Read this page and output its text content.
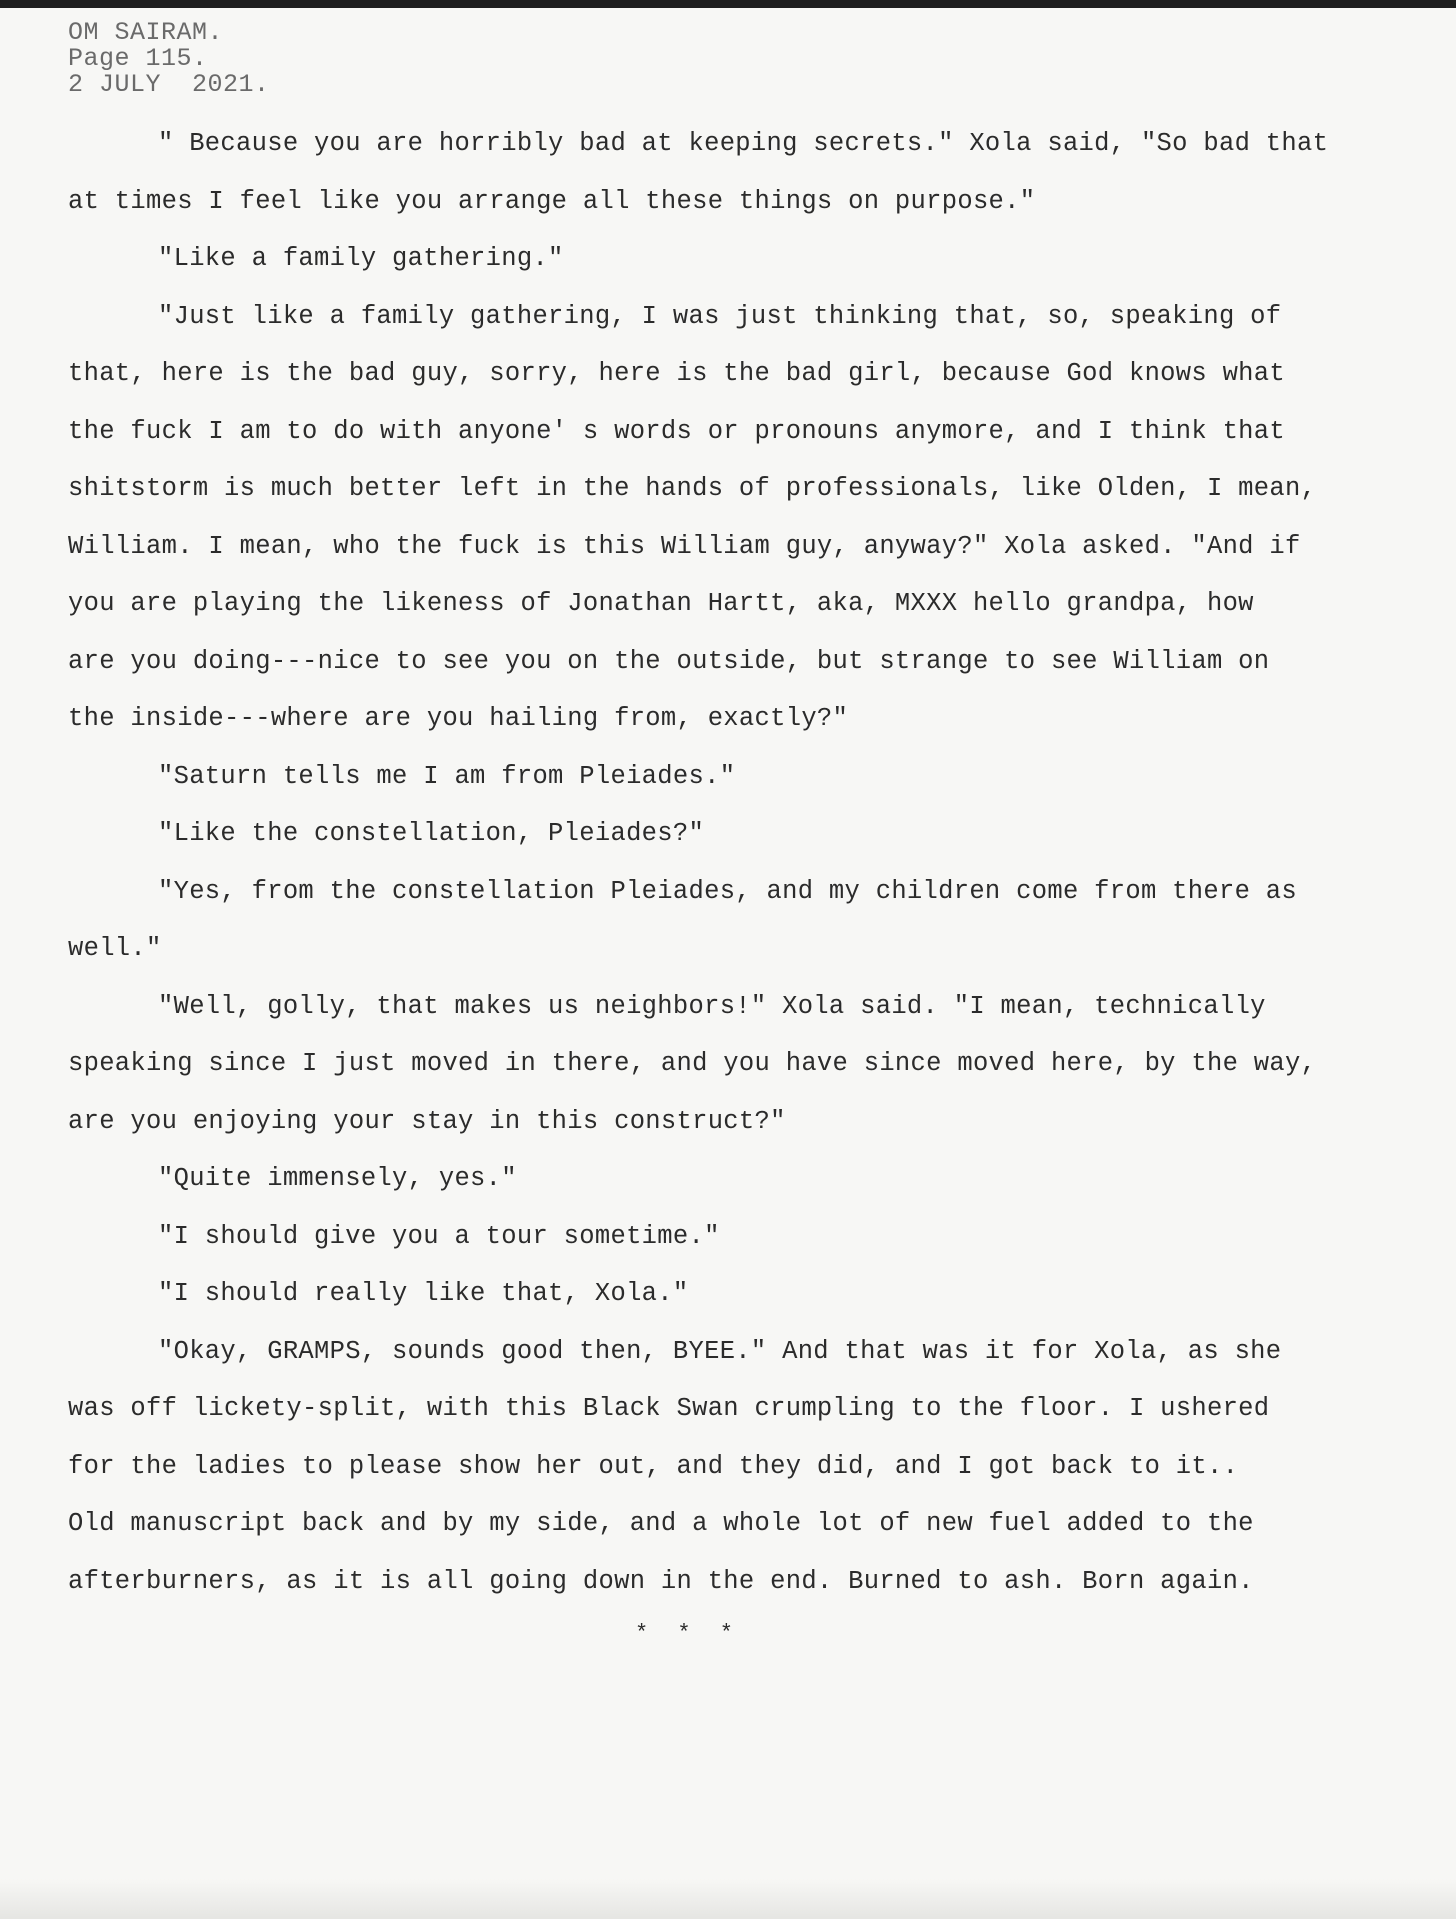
OM SAIRAM.
Page 115.
2 JULY  2021.
" Because you are horribly bad at keeping secrets." Xola said, "So bad that
at times I feel like you arrange all these things on purpose."
"Like a family gathering."
"Just like a family gathering, I was just thinking that, so, speaking of
that, here is the bad guy, sorry, here is the bad girl, because God knows what
the fuck I am to do with anyone' s words or pronouns anymore, and I think that
shitstorm is much better left in the hands of professionals, like Olden, I mean,
William. I mean, who the fuck is this William guy, anyway?" Xola asked. "And if
you are playing the likeness of Jonathan Hartt, aka, MXXX hello grandpa, how
are you doing---nice to see you on the outside, but strange to see William on
the inside---where are you hailing from, exactly?"
"Saturn tells me I am from Pleiades."
"Like the constellation, Pleiades?"
"Yes, from the constellation Pleiades, and my children come from there as
well."
"Well, golly, that makes us neighbors!" Xola said. "I mean, technically
speaking since I just moved in there, and you have since moved here, by the way,
are you enjoying your stay in this construct?"
"Quite immensely, yes."
"I should give you a tour sometime."
"I should really like that, Xola."
"Okay, GRAMPS, sounds good then, BYEE." And that was it for Xola, as she
was off lickety-split, with this Black Swan crumpling to the floor. I ushered
for the ladies to please show her out, and they did, and I got back to it..
Old manuscript back and by my side, and a whole lot of new fuel added to the
afterburners, as it is all going down in the end. Burned to ash. Born again.
* * *
